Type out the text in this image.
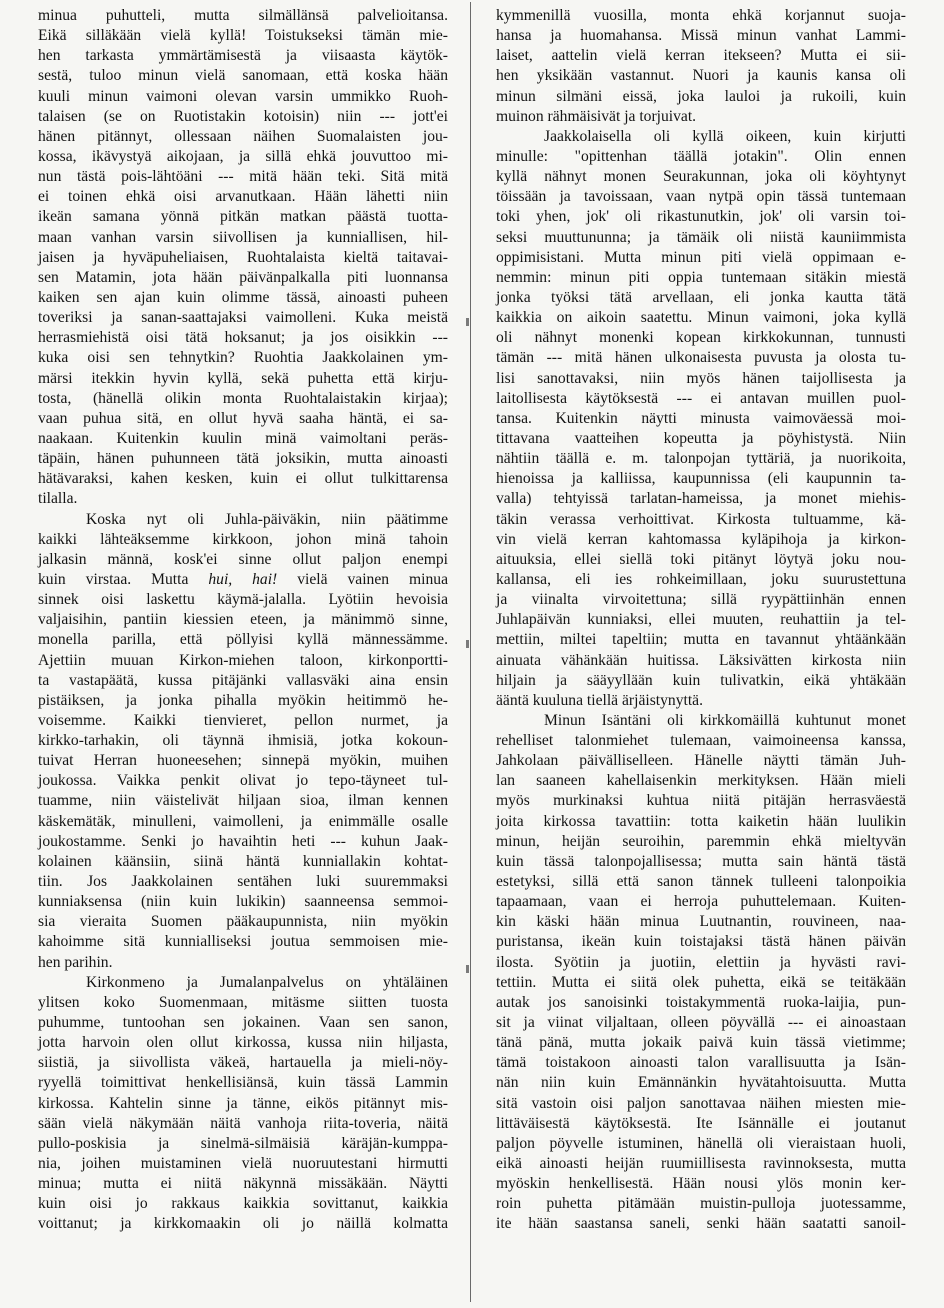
minua puhutteli, mutta silmällänsä palvelioitansa.
Eikä silläkään vielä kyllä! Toistukseksi tämän mie-
hen tarkasta ymmärtämisestä ja viisaasta käytök-
sestä, tuloo minun vielä sanomaan, että koska hään
kuuli minun vaimoni olevan varsin ummikko Ruoh-
talaisen (se on Ruotistakin kotoisin) niin --- jott'ei
hänen pitännyt, ollessaan näihen Suomalaisten jou-
kossa, ikävystyä aikojaan, ja sillä ehkä jouvuttoo mi-
nun tästä pois-lähtöäni --- mitä hään teki. Sitä mitä
ei toinen ehkä oisi arvanutkaan. Hään lähetti niin
ikeän samana yönnä pitkän matkan päästä tuotta-
maan vanhan varsin siivollisen ja kunniallisen, hil-
jaisen ja hyväpuheliaisen, Ruohtalaista kieltä taitavai-
sen Matamin, jota hään päivänpalkalla piti luonnansa
kaiken sen ajan kuin olimme tässä, ainoasti puheen
toveriksi ja sanan-saattajaksi vaimolleni. Kuka meistä
herrasmiehistä oisi tätä hoksanut; ja jos oisikkin ---
kuka oisi sen tehnytkin? Ruohtia Jaakkolainen ym-
märsi itekkin hyvin kyllä, sekä puhetta että kirju-
tosta, (hänellä olikin monta Ruohtalaistakin kirjaa);
vaan puhua sitä, en ollut hyvä saaha häntä, ei sa-
naakaan. Kuitenkin kuulin minä vaimoltani peräs-
täpäin, hänen puhunneen tätä joksikin, mutta ainoasti
hätävaraksi, kahen kesken, kuin ei ollut tulkittarensa
tilalla.
Koska nyt oli Juhla-päiväkin, niin päätimme
kaikki lähteäksemme kirkkoon, johon minä tahoin
jalkasin männä, kosk'ei sinne ollut paljon enempi
kuin virstaa. Mutta hui, hai! vielä vainen minua
sinnek oisi laskettu käymä-jalalla. Lyötiin hevoisia
valjaisihin, pantiin kiessien eteen, ja mänimmö sinne,
monella parilla, että pöllyisi kyllä männessämme.
Ajettiin muuan Kirkon-miehen taloon, kirkonportti-
ta vastapäätä, kussa pitäjänki vallasväki aina ensin
pistäiksen, ja jonka pihalla myökin heitimmö he-
voisemme. Kaikki tienvieret, pellon nurmet, ja
kirkko-tarhakin, oli täynnä ihmisiä, jotka kokoun-
tuivat Herran huoneesehen; sinnepä myökin, muihen
joukossa. Vaikka penkit olivat jo tepo-täyneet tul-
tuamme, niin väistelivät hiljaan sioa, ilman kennen
käskemätäk, minulleni, vaimolleni, ja enimmälle osalle
joukostamme. Senki jo havaihtin heti --- kuhun Jaak-
kolainen käänsiin, siinä häntä kunniallakin kohtat-
tiin. Jos Jaakkolainen sentähen luki suuremmaksi
kunniaksensa (niin kuin lukikin) saanneensa semmoi-
sia vieraita Suomen pääkaupunnista, niin myökin
kahoimme sitä kunnialliseksi joutua semmoisen mie-
hen parihin.
Kirkonmeno ja Jumalanpalvelus on yhtäläinen
ylitsen koko Suomenmaan, mitäsme siitten tuosta
puhumme, tuntoohan sen jokainen. Vaan sen sanon,
jotta harvoin olen ollut kirkossa, kussa niin hiljasta,
siistiä, ja siivollista väkeä, hartauella ja mieli-nöy-
ryyellä toimittivat henkellisiänsä, kuin tässä Lammin
kirkossa. Kahtelin sinne ja tänne, eikös pitännyt mis-
sään vielä näkymään näitä vanhoja riita-toveria, näitä
pullo-poskisia ja sinelmä-silmäisiä käräjän-kumppa-
nia, joihen muistaminen vielä nuoruutestani hirmutti
minua; mutta ei niitä näkynnä missäkään. Näytti
kuin oisi jo rakkaus kaikkia sovittanut, kaikkia
voittanut; ja kirkkomaakin oli jo näillä kolmatta
kymmenillä vuosilla, monta ehkä korjannut suoja-
hansa ja huomahansa. Missä minun vanhat Lammi-
laiset, aattelin vielä kerran itekseen? Mutta ei sii-
hen yksikään vastannut. Nuori ja kaunis kansa oli
minun silmäni eissä, joka lauloi ja rukoili, kuin
muinon rähmäisivät ja torjuivat.
Jaakkolaisella oli kyllä oikeen, kuin kirjutti
minulle: "opittenhan täällä jotakin". Olin ennen
kyllä nähnyt monen Seurakunnan, joka oli köyhtynyt
töissään ja tavoissaan, vaan nytpä opin tässä tuntemaan
toki yhen, jok' oli rikastunutkin, jok' oli varsin toi-
seksi muuttununna; ja tämäik oli niistä kauniimmista
oppimisistani. Mutta minun piti vielä oppimaan e-
nemmin: minun piti oppia tuntemaan sitäkin miestä
jonka työksi tätä arvellaan, eli jonka kautta tätä
kaikkia on aikoin saatettu. Minun vaimoni, joka kyllä
oli nähnyt monenki kopean kirkkokunnan, tunnusti
tämän --- mitä hänen ulkonaisesta puvusta ja olosta tu-
lisi sanottavaksi, niin myös hänen taijollisesta ja
laitollisesta käytöksestä --- ei antavan muillen puol-
tansa. Kuitenkin näytti minusta vaimoväessä moi-
tittavana vaatteihen kopeutta ja pöyhistystä. Niin
nähtiin täällä e. m. talonpojan tyttäriä, ja nuorikoita,
hienoissa ja kalliissa, kaupunnissa (eli kaupunnin ta-
valla) tehtyissä tarlatan-hameissa, ja monet miehis-
täkin verassa verhoittivat. Kirkosta tultuamme, kä-
vin vielä kerran kahtomassa kyläpihoja ja kirkon-
aituuksia, ellei siellä toki pitänyt löytyä joku nou-
kallansa, eli ies rohkeimillaan, joku suurustettuna
ja viinalta virvoitettuna; sillä ryypättiinhän ennen
Juhlapäivän kunniaksi, ellei muuten, reuhattiin ja tel-
mettiin, miltei tapeltiin; mutta en tavannut yhtäänkään
ainuata vähänkään huitissa. Läksivätten kirkosta niin
hiljain ja sääyyllään kuin tulivatkin, eikä yhtäkään
ääntä kuuluna tiellä ärjäistynyttä.
Minun Isäntäni oli kirkkomäillä kuhtunut monet
rehelliset talonmiehet tulemaan, vaimoineensa kanssa,
Jahkolaan päivälliselleen. Hänelle näytti tämän Juh-
lan saaneen kahellaisenkin merkityksen. Hään mieli
myös murkinaksi kuhtua niitä pitäjän herrasväestä
joita kirkossa tavattiin: totta kaiketin hään luulikin
minun, heijän seuroihin, paremmin ehkä mieltyvän
kuin tässä talonpojallisessa; mutta sain häntä tästä
estetyksi, sillä että sanon tännek tulleeni talonpoikia
tapaamaan, vaan ei herroja puhuttelemaan. Kuiten-
kin käski hään minua Luutnantin, rouvineen, naa-
puristansa, ikeän kuin toistajaksi tästä hänen päivän
ilosta. Syötiin ja juotiin, elettiin ja hyvästi ravi-
tettiin. Mutta ei siitä olek puhetta, eikä se teitäkään
autak jos sanoisinki toistakymmentä ruoka-laijia, pun-
sit ja viinat viljaltaan, olleen pöyvällä --- ei ainoastaan
tänä pänä, mutta jokaik paivä kuin tässä vietimme;
tämä toistakoon ainoasti talon varallisuutta ja Isän-
nän niin kuin Emännänkin hyvätahtoisuutta. Mutta
sitä vastoin oisi paljon sanottavaa näihen miesten mie-
littäväisestä käytöksestä. Ite Isännälle ei joutanut
paljon pöyvelle istuminen, hänellä oli vieraistaan huoli,
eikä ainoasti heijän ruumiillisesta ravinnoksesta, mutta
myöskin henkellisestä. Hään nousi ylös monin ker-
roin puhetta pitämään muistin-pulloja juotessamme,
ite hään saastansa saneli, senki hään saatatti sanoil-
